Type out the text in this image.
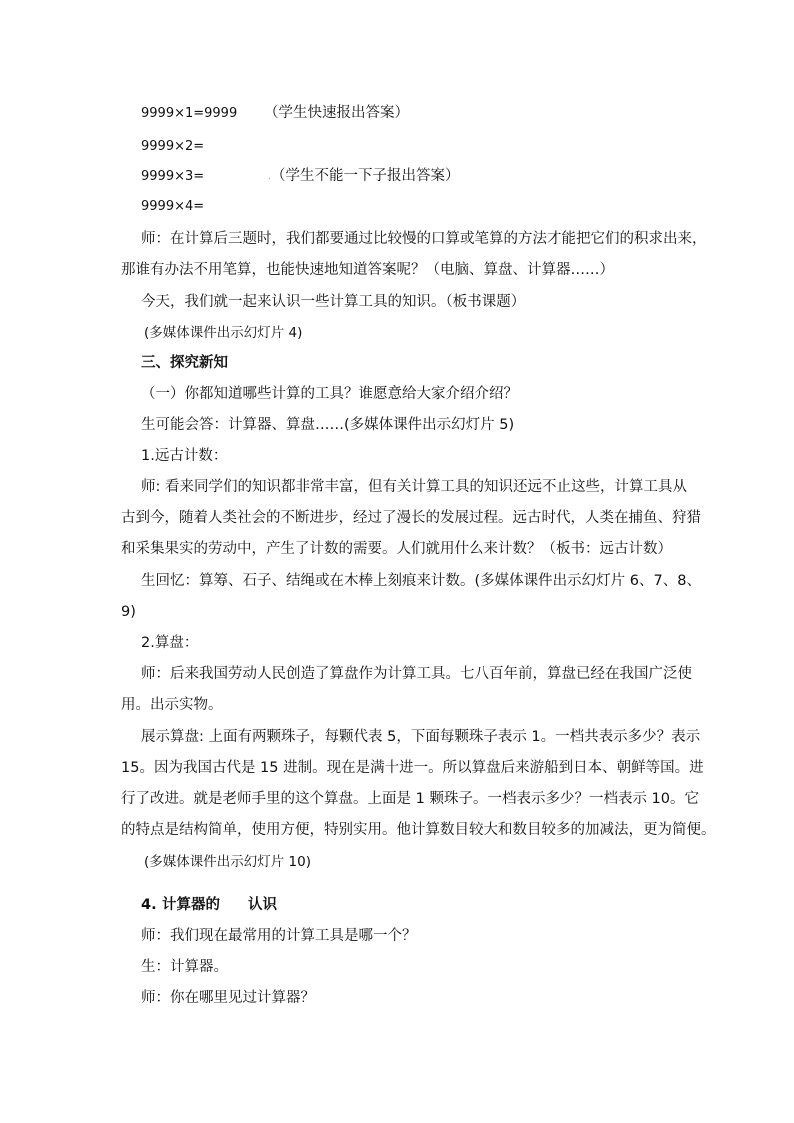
9999×1=9999 （学生快速报出答案）
9999×2=
9999×3=	. （学生不能一下子报出答案）
9999×4=
师：在计算后三题时，我们都要通过比较慢的口算或笔算的方法才能把它们的积求出来，
那谁有办法不用笔算，也能快速地知道答案呢？（电脑、算盘、计算器……）
今天，我们就一起来认识一些计算工具的知识。（板书课题）
(多媒体课件出示幻灯片 4)
三、探究新知
（一）你都知道哪些计算的工具？谁愿意给大家介绍介绍？
生可能会答：计算器、算盘……(多媒体课件出示幻灯片 5)
1.远古计数：
师: 看来同学们的知识都非常丰富，但有关计算工具的知识还远不止这些，计算工具从
古到今，随着人类社会的不断进步，经过了漫长的发展过程。远古时代，人类在捕鱼、狩猎
和采集果实的劳动中，产生了计数的需要。人们就用什么来计数？（板书：远古计数）
生回忆：算筹、石子、结绳或在木棒上刻痕来计数。(多媒体课件出示幻灯片 6、7、8、
9)
2.算盘：
师：后来我国劳动人民创造了算盘作为计算工具。七八百年前，算盘已经在我国广泛使
用。出示实物。
展示算盘: 上面有两颗珠子，每颗代表 5，下面每颗珠子表示 1。一档共表示多少？表示
15。因为我国古代是 15 进制。现在是满十进一。所以算盘后来游船到日本、朝鲜等国。进
行了改进。就是老师手里的这个算盘。上面是 1 颗珠子。一档表示多少？一档表示 10。它
的特点是结构简单，使用方便，特别实用。他计算数目较大和数目较多的加减法，更为简便。
(多媒体课件出示幻灯片 10)
4. 计算器的 认识
师：我们现在最常用的计算工具是哪一个？
生：计算器。
师：你在哪里见过计算器？
